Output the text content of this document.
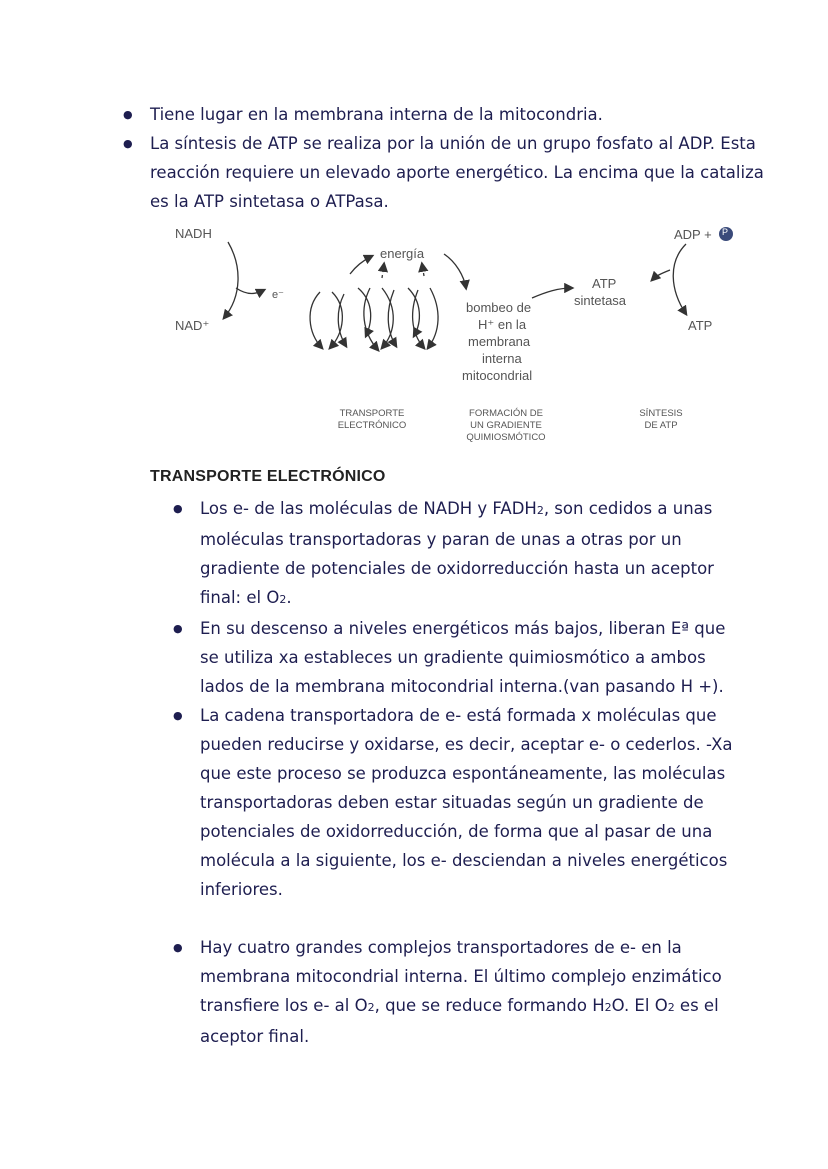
● Tiene lugar en la membrana interna de la mitocondria.
● La síntesis de ATP se realiza por la unión de un grupo fosfato al ADP. Esta reacción requiere un elevado aporte energético. La encima que la cataliza es la ATP sintetasa o ATPasa.
NADH
NAD⁺
e⁻
energía
bombeo de
H⁺ en la
membrana
interna
mitocondrial
ATP
sintetasa
ADP + P
ATP
TRANSPORTE
ELECTRÓNICO
FORMACIÓN DE
UN GRADIENTE
QUIMIOSMÓTICO
SÍNTESIS
DE ATP
TRANSPORTE ELECTRÓNICO
● Los e- de las moléculas de NADH y FADH2, son cedidos a unas moléculas transportadoras y paran de unas a otras por un gradiente de potenciales de oxidorreducción hasta un aceptor final: el O2.
● En su descenso a niveles energéticos más bajos, liberan Eª que se utiliza xa estableces un gradiente quimiosmótico a ambos lados de la membrana mitocondrial interna.(van pasando H +).
● La cadena transportadora de e- está formada x moléculas que pueden reducirse y oxidarse, es decir, aceptar e- o cederlos. -Xa que este proceso se produzca espontáneamente, las moléculas transportadoras deben estar situadas según un gradiente de potenciales de oxidorreducción, de forma que al pasar de una molécula a la siguiente, los e- desciendan a niveles energéticos inferiores.
● Hay cuatro grandes complejos transportadores de e- en la membrana mitocondrial interna. El último complejo enzimático transfiere los e- al O2, que se reduce formando H2O. El O2 es el aceptor final.
